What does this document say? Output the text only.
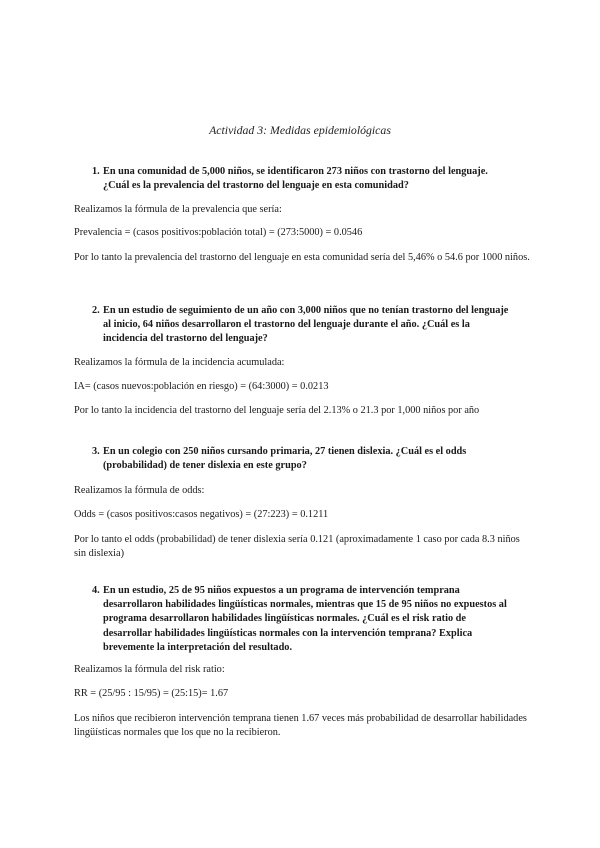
Actividad 3: Medidas epidemiológicas
1. En una comunidad de 5,000 niños, se identificaron 273 niños con trastorno del lenguaje. ¿Cuál es la prevalencia del trastorno del lenguaje en esta comunidad?
Realizamos la fórmula de la prevalencia que sería:
Prevalencia = (casos positivos:población total) = (273:5000) = 0.0546
Por lo tanto la prevalencia del trastorno del lenguaje en esta comunidad sería del 5,46% o 54.6 por 1000 niños.
2. En un estudio de seguimiento de un año con 3,000 niños que no tenían trastorno del lenguaje al inicio, 64 niños desarrollaron el trastorno del lenguaje durante el año. ¿Cuál es la incidencia del trastorno del lenguaje?
Realizamos la fórmula de la incidencia acumulada:
IA= (casos nuevos:población en riesgo) = (64:3000) = 0.0213
Por lo tanto la incidencia del trastorno del lenguaje sería del 2.13% o 21.3 por 1,000 niños por año
3. En un colegio con 250 niños cursando primaria, 27 tienen dislexia. ¿Cuál es el odds (probabilidad) de tener dislexia en este grupo?
Realizamos la fórmula de odds:
Odds = (casos positivos:casos negativos) = (27:223) = 0.1211
Por lo tanto el odds (probabilidad) de tener dislexia sería 0.121 (aproximadamente 1 caso por cada 8.3 niños sin dislexia)
4. En un estudio, 25 de 95 niños expuestos a un programa de intervención temprana desarrollaron habilidades lingüísticas normales, mientras que 15 de 95 niños no expuestos al programa desarrollaron habilidades lingüísticas normales. ¿Cuál es el risk ratio de desarrollar habilidades lingüísticas normales con la intervención temprana? Explica brevemente la interpretación del resultado.
Realizamos la fórmula del risk ratio:
RR = (25/95 : 15/95) = (25:15)= 1.67
Los niños que recibieron intervención temprana tienen 1.67 veces más probabilidad de desarrollar habilidades lingüísticas normales que los que no la recibieron.
